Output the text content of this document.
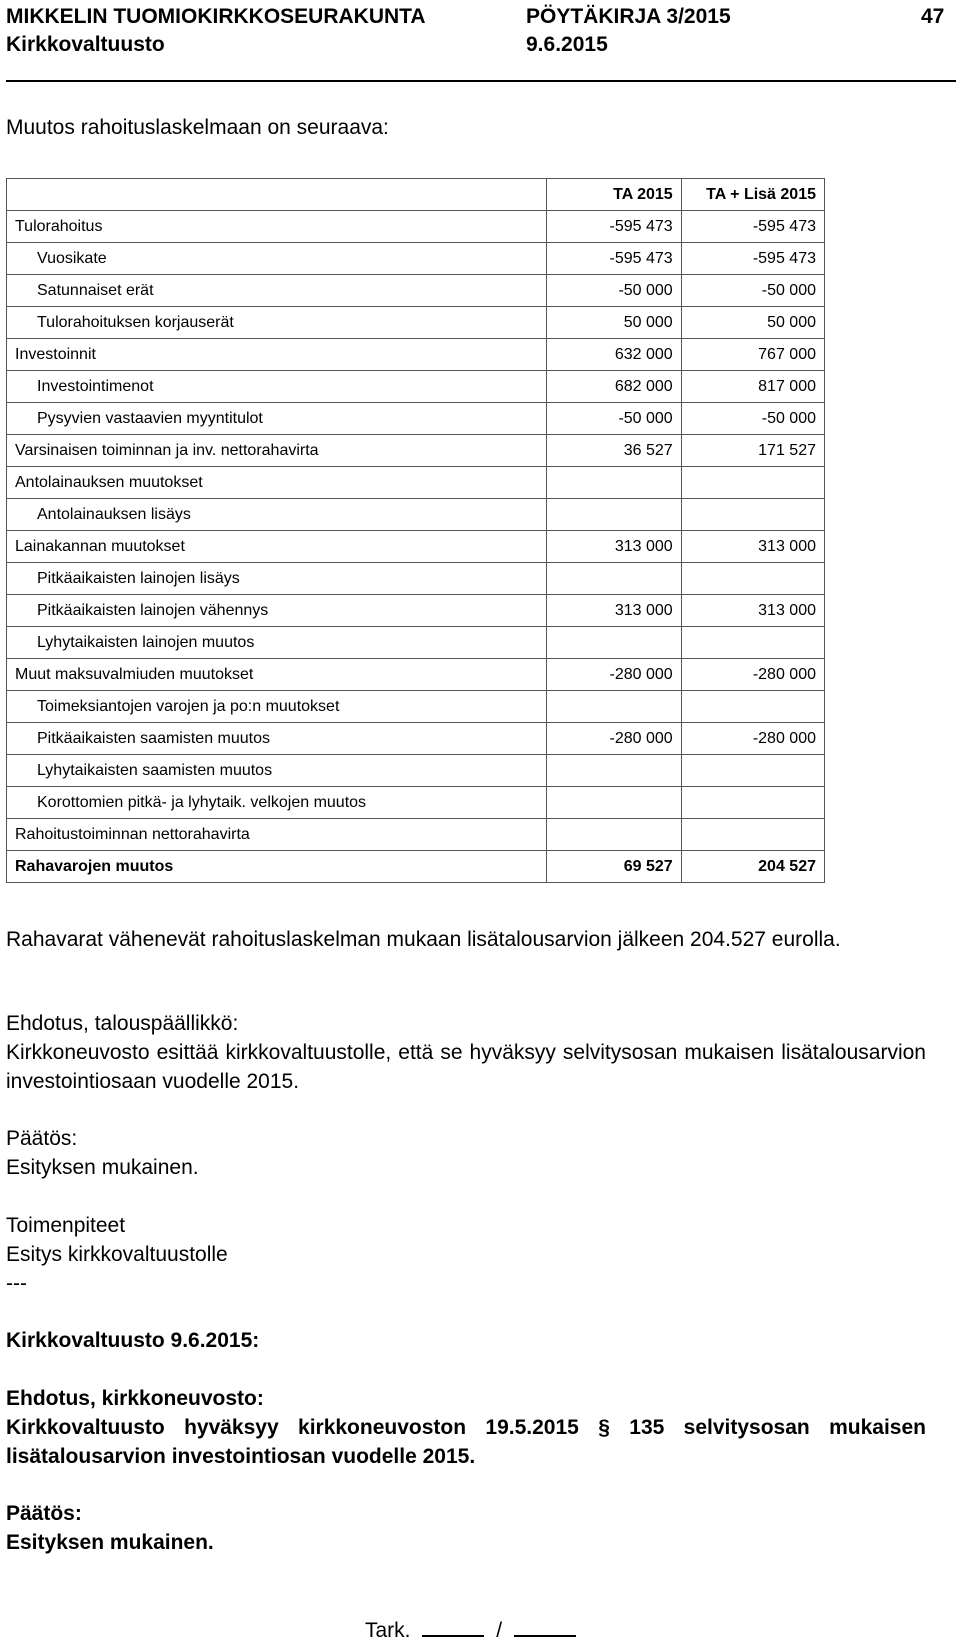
MIKKELIN TUOMIOKIRKKOSEURAKUNTA	PÖYTÄKIRJA 3/2015	47
Kirkkovaltuusto	9.6.2015
Muutos rahoituslaskelmaan on seuraava:
	TA 2015	TA + Lisä 2015
Tulorahoitus	-595 473	-595 473
Vuosikate	-595 473	-595 473
Satunnaiset erät	-50 000	-50 000
Tulorahoituksen korjauserät	50 000	50 000
Investoinnit	632 000	767 000
Investointimenot	682 000	817 000
Pysyvien vastaavien myyntitulot	-50 000	-50 000
Varsinaisen toiminnan ja inv. nettorahavirta	36 527	171 527
Antolainauksen muutokset		
Antolainauksen lisäys		
Lainakannan muutokset	313 000	313 000
Pitkäaikaisten lainojen lisäys		
Pitkäaikaisten lainojen vähennys	313 000	313 000
Lyhytaikaisten lainojen muutos		
Muut maksuvalmiuden muutokset	-280 000	-280 000
Toimeksiantojen varojen ja po:n muutokset		
Pitkäaikaisten saamisten muutos	-280 000	-280 000
Lyhytaikaisten saamisten muutos		
Korottomien pitkä- ja lyhytaik. velkojen muutos		
Rahoitustoiminnan nettorahavirta		
Rahavarojen muutos	69 527	204 527
Rahavarat vähenevät rahoituslaskelman mukaan lisätalousarvion jälkeen 204.527 eurolla.
Ehdotus, talouspäällikkö:
Kirkkoneuvosto esittää kirkkovaltuustolle, että se hyväksyy selvitysosan mukaisen lisätalousarvion investointiosaan vuodelle 2015.
Päätös:
Esityksen mukainen.
Toimenpiteet
Esitys kirkkovaltuustolle
---
Kirkkovaltuusto 9.6.2015:
Ehdotus, kirkkoneuvosto:
Kirkkovaltuusto hyväksyy kirkkoneuvoston 19.5.2015 § 135 selvitysosan mukaisen lisätalousarvion investointiosan vuodelle 2015.
Päätös:
Esityksen mukainen.
Tark.	/
